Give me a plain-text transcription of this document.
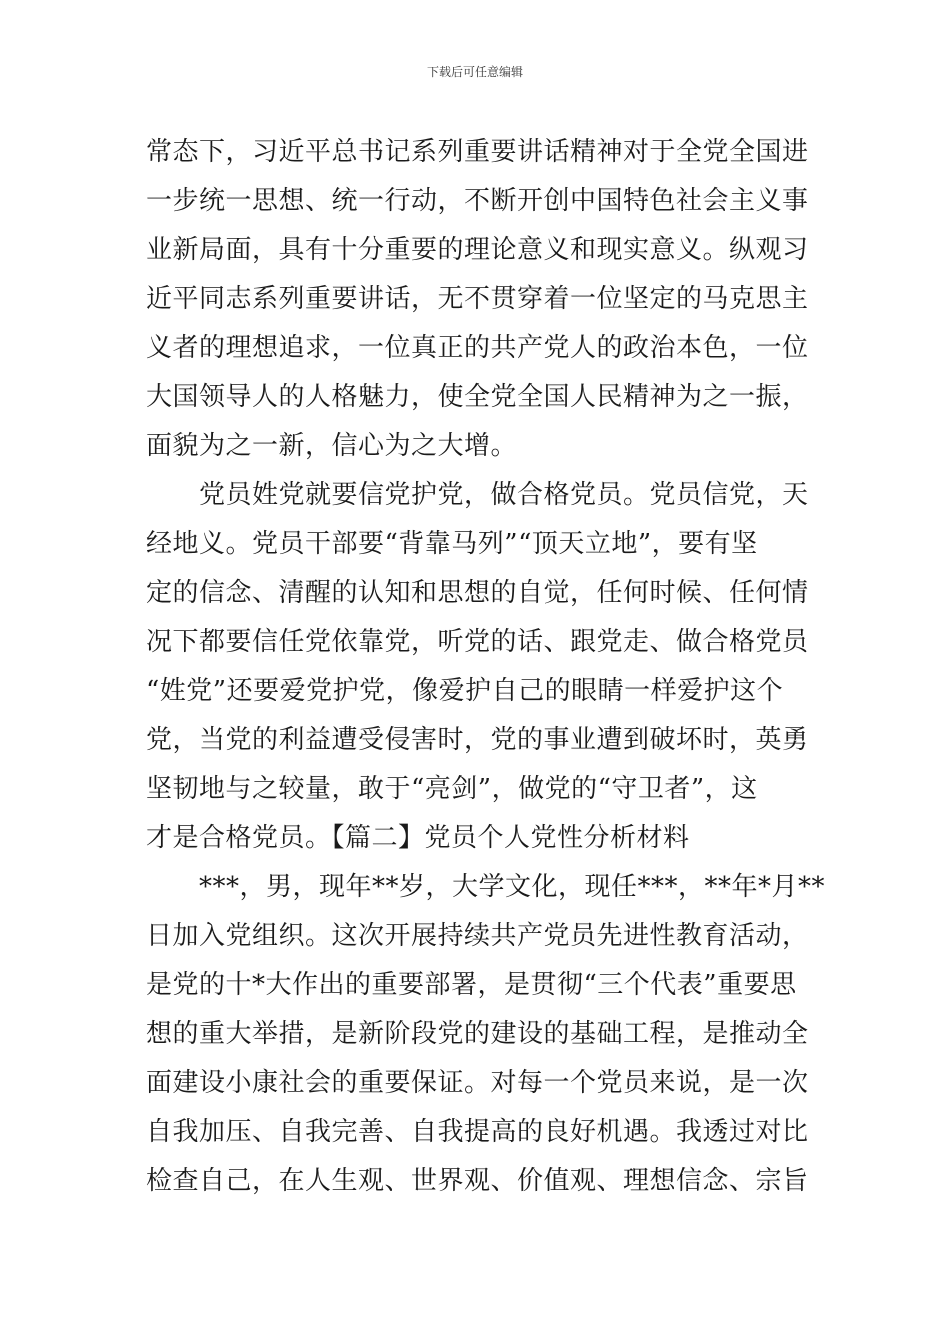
下载后可任意编辑
常态下，习近平总书记系列重要讲话精神对于全党全国进
一步统一思想、统一行动，不断开创中国特色社会主义事
业新局面，具有十分重要的理论意义和现实意义。纵观习
近平同志系列重要讲话，无不贯穿着一位坚定的马克思主
义者的理想追求，一位真正的共产党人的政治本色，一位
大国领导人的人格魅力，使全党全国人民精神为之一振，
面貌为之一新，信心为之大增。
　　党员姓党就要信党护党，做合格党员。党员信党，天
经地义。党员干部要“背靠马列”“顶天立地”，要有坚
定的信念、清醒的认知和思想的自觉，任何时候、任何情
况下都要信任党依靠党，听党的话、跟党走、做合格党员
“姓党”还要爱党护党，像爱护自己的眼睛一样爱护这个
党，当党的利益遭受侵害时，党的事业遭到破坏时，英勇
坚韧地与之较量，敢于“亮剑”，做党的“守卫者”，这
才是合格党员。【篇二】党员个人党性分析材料
　　***，男，现年**岁，大学文化，现任***，**年*月**
日加入党组织。这次开展持续共产党员先进性教育活动，
是党的十*大作出的重要部署，是贯彻“三个代表”重要思
想的重大举措，是新阶段党的建设的基础工程，是推动全
面建设小康社会的重要保证。对每一个党员来说，是一次
自我加压、自我完善、自我提高的良好机遇。我透过对比
检查自己，在人生观、世界观、价值观、理想信念、宗旨
